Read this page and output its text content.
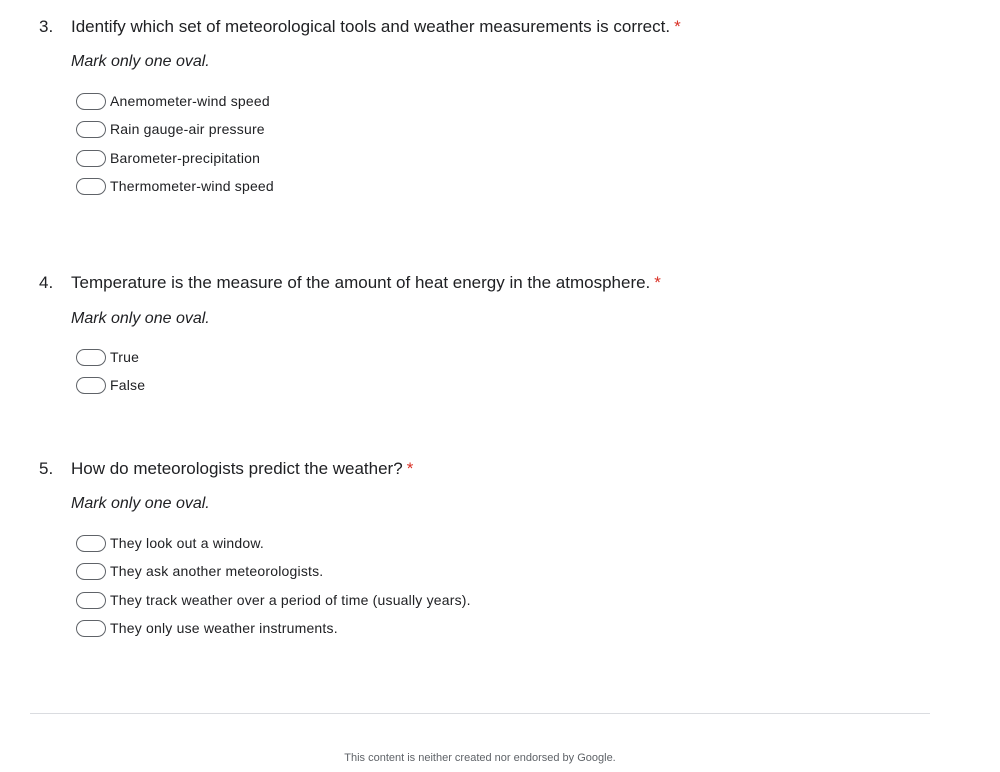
3. Identify which set of meteorological tools and weather measurements is correct. *
Mark only one oval.
Anemometer-wind speed
Rain gauge-air pressure
Barometer-precipitation
Thermometer-wind speed
4. Temperature is the measure of the amount of heat energy in the atmosphere. *
Mark only one oval.
True
False
5. How do meteorologists predict the weather? *
Mark only one oval.
They look out a window.
They ask another meteorologists.
They track weather over a period of time (usually years).
They only use weather instruments.
This content is neither created nor endorsed by Google.
